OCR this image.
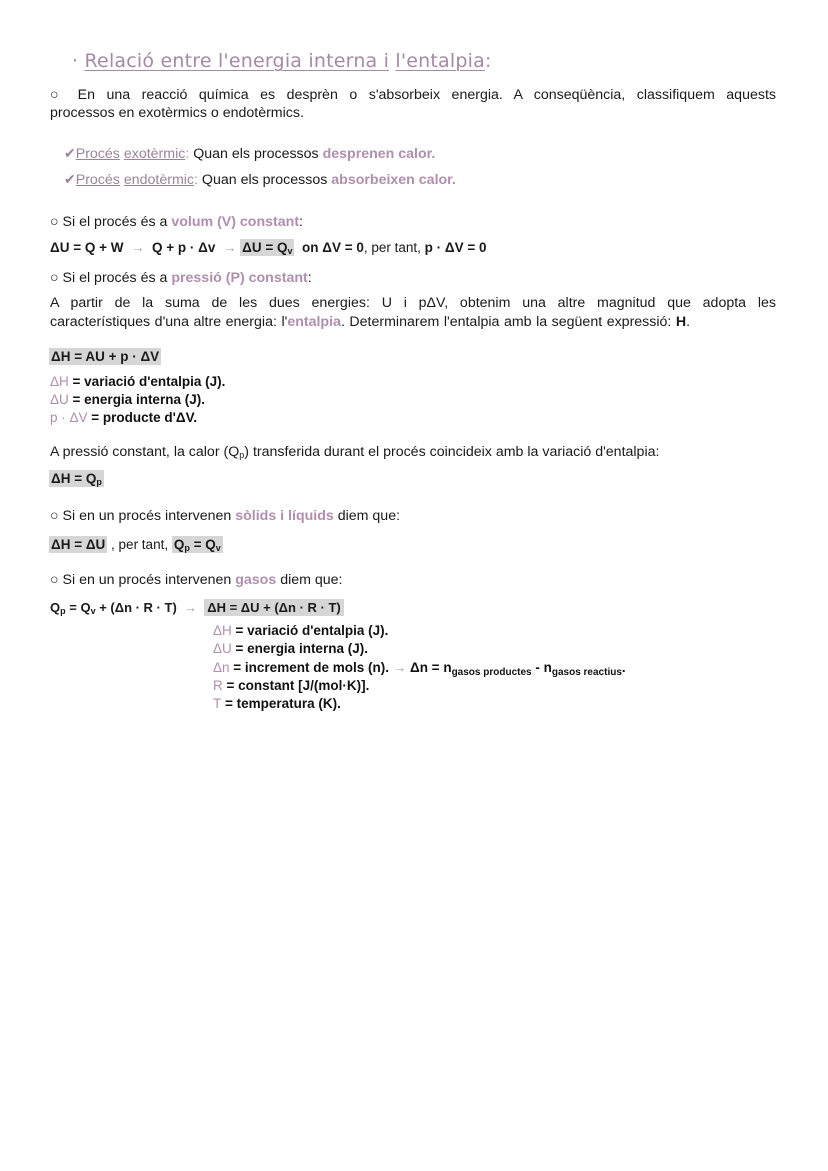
· Relació entre l'energia interna i l'entalpia:
○ En una reacció química es desprèn o s'absorbeix energia. A conseqüència, classifiquem aquests
processos en exotèrmics o endotèrmics.
✔Procés exotèrmic: Quan els processos desprenen calor.
✔Procés endotèrmic: Quan els processos absorbeixen calor.
○ Si el procés és a volum (V) constant:
$\Delta U = Q + W \to Q + p \cdot \Delta v \to \Delta U = Q_v$ on ΔV = 0, per tant, p · ΔV = 0
○ Si el procés és a pressió (P) constant:
A partir de la suma de les dues energies: U i pΔV, obtenim una altre magnitud que adopta les
característiques d'una altre energia: l'entalpia. Determinarem l'entalpia amb la següent expressió: H.
ΔH = AU + p · ΔV
ΔH = variació d'entalpia (J).
ΔU = energia interna (J).
p · ΔV = producte d'ΔV.
A pressió constant, la calor $(Q_p)$ transferida durant el procés coincideix amb la variació d'entalpia:
$\Delta H = Q_p$
○ Si en un procés intervenen sòlids i líquids diem que:
ΔH = ΔU , per tant, $Q_p = Q_v$
○ Si en un procés intervenen gasos diem que:
$Q_p = Q_v + (\Delta n \cdot R \cdot T) \to \Delta H = \Delta U + (\Delta n \cdot R \cdot T)$
ΔH = variació d'entalpia (J).
ΔU = energia interna (J).
Δn = increment de mols (n). → $\Delta n = n_{gasos productes} - n_{gasos reactius}$.
R = constant [J/(mol·K)].
T = temperatura (K).
